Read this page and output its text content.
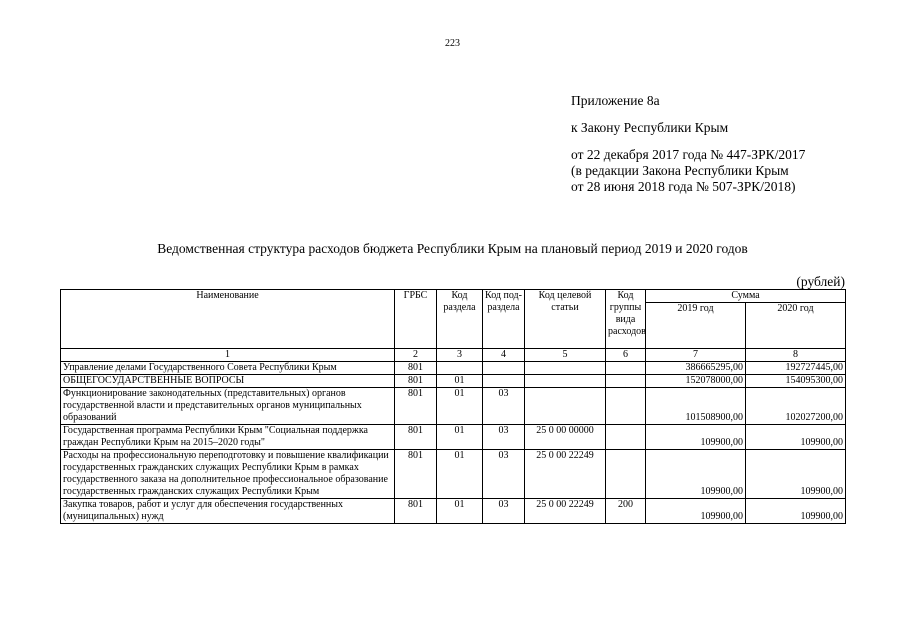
223
Приложение 8а
к Закону Республики Крым
от 22 декабря 2017 года № 447-ЗРК/2017
(в редакции Закона Республики Крым
от 28 июня 2018 года № 507-ЗРК/2018)
Ведомственная структура расходов бюджета Республики Крым на плановый период 2019 и 2020 годов
(рублей)
Наименование	ГРБС	Код раздела	Код под-раздела	Код целевой статьи	Код группы вида расходов	Сумма	
						2019 год	2020 год
1	2	3	4	5	6	7	8
Управление делами Государственного Совета Республики Крым	801					386665295,00	192727445,00
ОБЩЕГОСУДАРСТВЕННЫЕ ВОПРОСЫ	801	01				152078000,00	154095300,00
Функционирование законодательных (представительных) органов государственной власти и представительных органов муниципальных образований	801	01	03			101508900,00	102027200,00
Государственная программа Республики Крым "Социальная поддержка граждан Республики Крым на 2015–2020 годы"	801	01	03	25 0 00 00000		109900,00	109900,00
Расходы на профессиональную переподготовку и повышение квалификации государственных гражданских служащих Республики Крым в рамках государственного заказа на дополнительное профессиональное образование государственных гражданских служащих Республики Крым	801	01	03	25 0 00 22249		109900,00	109900,00
Закупка товаров, работ и услуг для обеспечения государственных (муниципальных) нужд	801	01	03	25 0 00 22249	200	109900,00	109900,00
